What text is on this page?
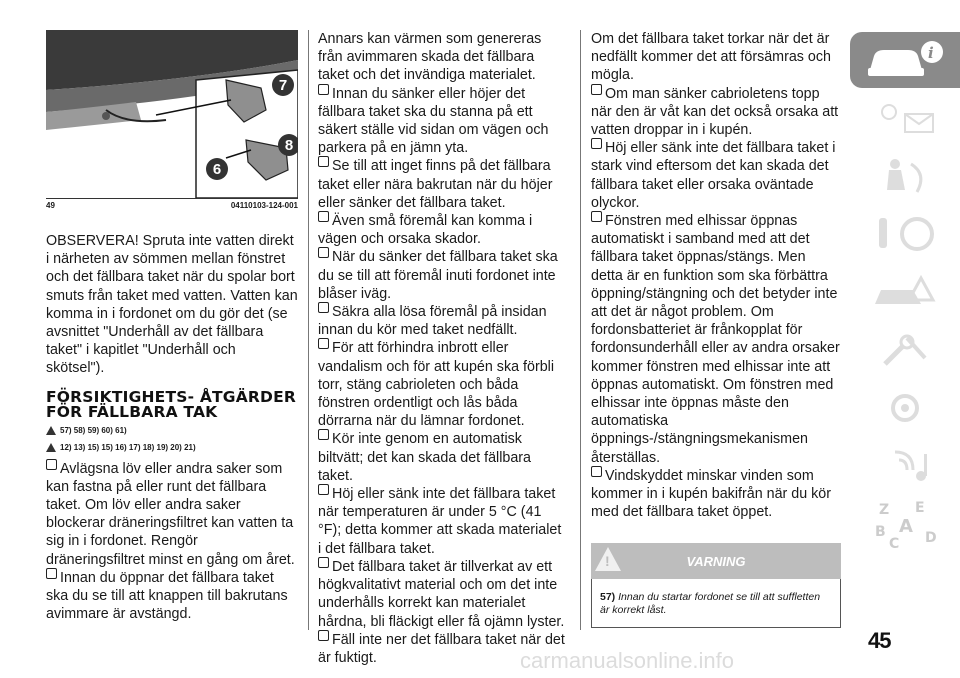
7
8
6
49	04110103-124-001

OBSERVERA! Spruta inte vatten direkt i närheten av sömmen mellan fönstret och det fällbara taket när du spolar bort smuts från taket med vatten. Vatten kan komma in i fordonet om du gör det (se avsnittet "Underhåll av det fällbara taket" i kapitlet "Underhåll och skötsel").

FÖRSIKTIGHETS- ÅTGÄRDER FÖR FÄLLBARA TAK
57) 58) 59) 60) 61)
12) 13) 15) 15) 16) 17) 18) 19) 20) 21)

Avlägsna löv eller andra saker som kan fastna på eller runt det fällbara taket. Om löv eller andra saker blockerar dräneringsfiltret kan vatten ta sig in i fordonet. Rengör dräneringsfiltret minst en gång om året.

Innan du öppnar det fällbara taket ska du se till att knappen till bakrutans avimmare är avstängd.

Annars kan värmen som genereras från avimmaren skada det fällbara taket och det invändiga materialet.

Innan du sänker eller höjer det fällbara taket ska du stanna på ett säkert ställe vid sidan om vägen och parkera på en jämn yta.

Se till att inget finns på det fällbara taket eller nära bakrutan när du höjer eller sänker det fällbara taket.

Även små föremål kan komma i vägen och orsaka skador.

När du sänker det fällbara taket ska du se till att föremål inuti fordonet inte blåser iväg.

Säkra alla lösa föremål på insidan innan du kör med taket nedfällt.

För att förhindra inbrott eller vandalism och för att kupén ska förbli torr, stäng cabrioleten och båda fönstren ordentligt och lås båda dörrarna när du lämnar fordonet.

Kör inte genom en automatisk biltvätt; det kan skada det fällbara taket.

Höj eller sänk inte det fällbara taket när temperaturen är under 5 °C (41 °F); detta kommer att skada materialet i det fällbara taket.

Det fällbara taket är tillverkat av ett högkvalitativt material och om det inte underhålls korrekt kan materialet hårdna, bli fläckigt eller få ojämn lyster.

Fäll inte ner det fällbara taket när det är fuktigt.

Om det fällbara taket torkar när det är nedfällt kommer det att försämras och mögla.

Om man sänker cabrioletens topp när den är våt kan det också orsaka att vatten droppar in i kupén.

Höj eller sänk inte det fällbara taket i stark vind eftersom det kan skada det fällbara taket eller orsaka oväntade olyckor.

Fönstren med elhissar öppnas automatiskt i samband med att det fällbara taket öppnas/stängs. Men detta är en funktion som ska förbättra öppning/stängning och det betyder inte att det är något problem. Om fordonsbatteriet är frånkopplat för fordonsunderhåll eller av andra orsaker kommer fönstren med elhissar inte att öppnas automatiskt. Om fönstren med elhissar inte öppnas måste den automatiska öppnings-/stängningsmekanismen återställas.

Vindskyddet minskar vinden som kommer in i kupén bakifrån när du kör med det fällbara taket öppet.

!	VARNING
57) Innan du startar fordonet se till att suffletten är korrekt låst.
i
Z E
B A
D
C
45
carmanualsonline.info
